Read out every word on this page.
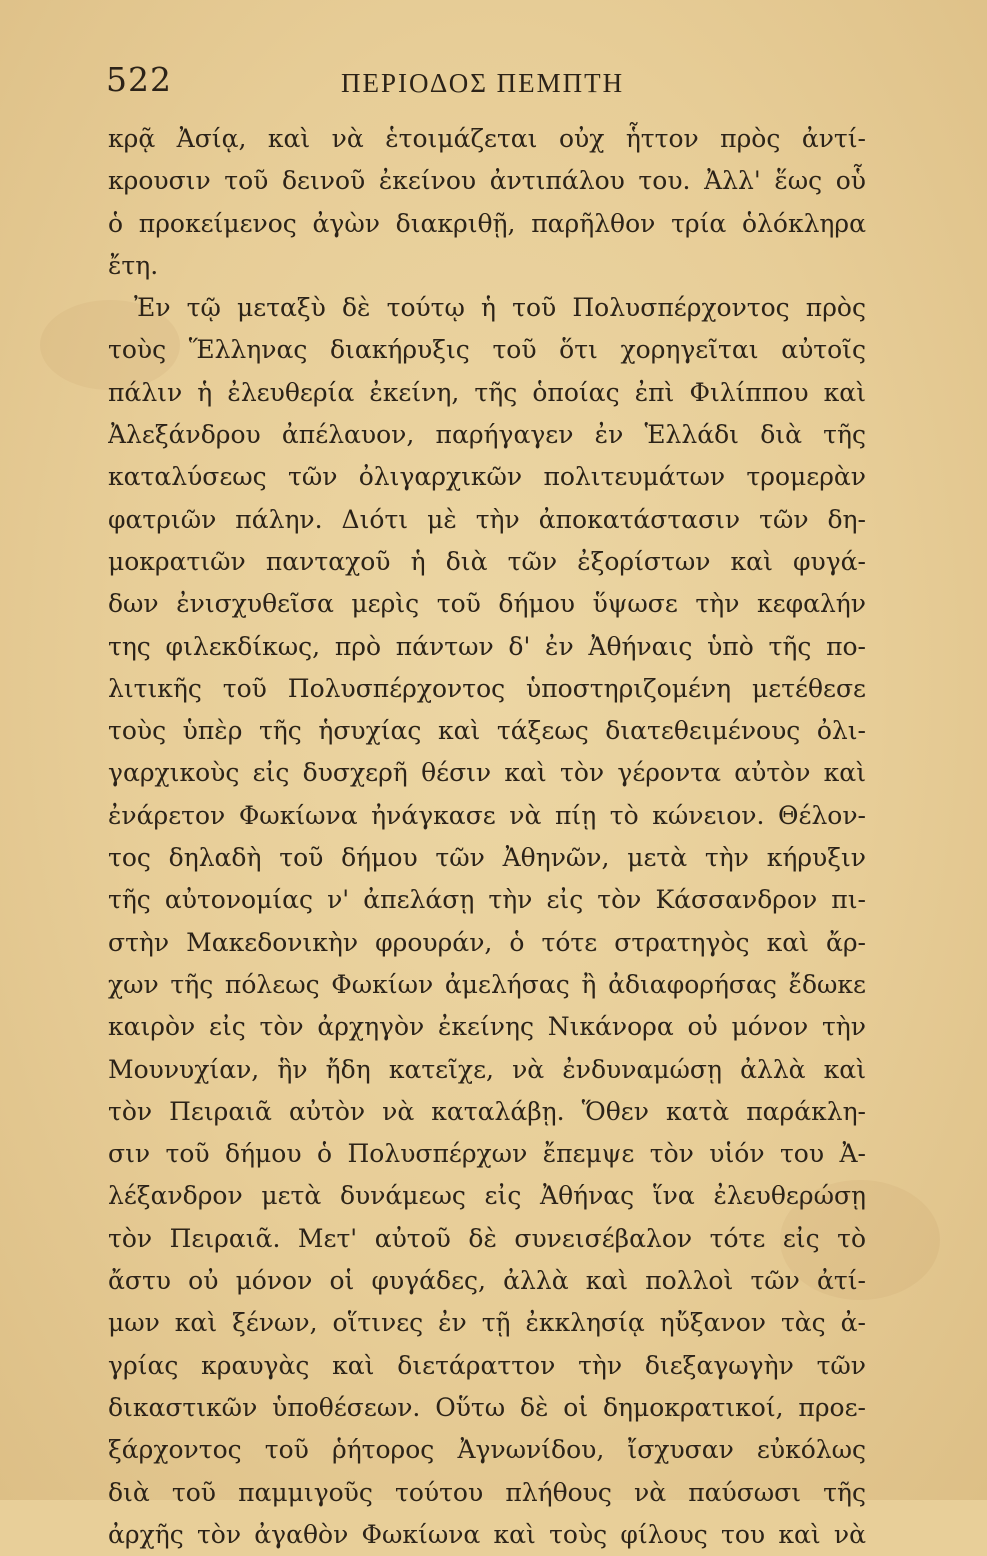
522	ΠΕΡΙΟΔΟΣ ΠΕΜΠΤΗ
κρᾷ Ἀσίᾳ, καὶ νὰ ἑτοιμάζεται οὐχ ἧττον πρὸς ἀντί-
κρουσιν τοῦ δεινοῦ ἐκείνου ἀντιπάλου του. Ἀλλ' ἕως οὗ
ὁ προκείμενος ἀγὼν διακριθῇ, παρῆλθον τρία ὁλόκληρα
ἔτη.
Ἐν τῷ μεταξὺ δὲ τούτῳ ἡ τοῦ Πολυσπέρχοντος πρὸς
τοὺς Ἕλληνας διακήρυξις τοῦ ὅτι χορηγεῖται αὐτοῖς
πάλιν ἡ ἐλευθερία ἐκείνη, τῆς ὁποίας ἐπὶ Φιλίππου καὶ
Ἀλεξάνδρου ἀπέλαυον, παρήγαγεν ἐν Ἑλλάδι διὰ τῆς
καταλύσεως τῶν ὀλιγαρχικῶν πολιτευμάτων τρομερὰν
φατριῶν πάλην. Διότι μὲ τὴν ἀποκατάστασιν τῶν δη-
μοκρατιῶν πανταχοῦ ἡ διὰ τῶν ἐξορίστων καὶ φυγά-
δων ἐνισχυθεῖσα μερὶς τοῦ δήμου ὕψωσε τὴν κεφαλήν
της φιλεκδίκως, πρὸ πάντων δ' ἐν Ἀθήναις ὑπὸ τῆς πο-
λιτικῆς τοῦ Πολυσπέρχοντος ὑποστηριζομένη μετέθεσε
τοὺς ὑπὲρ τῆς ἡσυχίας καὶ τάξεως διατεθειμένους ὀλι-
γαρχικοὺς εἰς δυσχερῆ θέσιν καὶ τὸν γέροντα αὐτὸν καὶ
ἐνάρετον Φωκίωνα ἠνάγκασε νὰ πίῃ τὸ κώνειον. Θέλον-
τος δηλαδὴ τοῦ δήμου τῶν Ἀθηνῶν, μετὰ τὴν κήρυξιν
τῆς αὐτονομίας ν' ἀπελάσῃ τὴν εἰς τὸν Κάσσανδρον πι-
στὴν Μακεδονικὴν φρουράν, ὁ τότε στρατηγὸς καὶ ἄρ-
χων τῆς πόλεως Φωκίων ἀμελήσας ἢ ἀδιαφορήσας ἔδωκε
καιρὸν εἰς τὸν ἀρχηγὸν ἐκείνης Νικάνορα οὐ μόνον τὴν
Μουνυχίαν, ἣν ἤδη κατεῖχε, νὰ ἐνδυναμώσῃ ἀλλὰ καὶ
τὸν Πειραιᾶ αὐτὸν νὰ καταλάβῃ. Ὅθεν κατὰ παράκλη-
σιν τοῦ δήμου ὁ Πολυσπέρχων ἔπεμψε τὸν υἱόν του Ἀ-
λέξανδρον μετὰ δυνάμεως εἰς Ἀθήνας ἵνα ἐλευθερώσῃ
τὸν Πειραιᾶ. Μετ' αὐτοῦ δὲ συνεισέβαλον τότε εἰς τὸ
ἄστυ οὐ μόνον οἱ φυγάδες, ἀλλὰ καὶ πολλοὶ τῶν ἀτί-
μων καὶ ξένων, οἵτινες ἐν τῇ ἐκκλησίᾳ ηὔξανον τὰς ἀ-
γρίας κραυγὰς καὶ διετάραττον τὴν διεξαγωγὴν τῶν
δικαστικῶν ὑποθέσεων. Οὕτω δὲ οἱ δημοκρατικοί, προε-
ξάρχοντος τοῦ ῥήτορος Ἀγνωνίδου, ἴσχυσαν εὐκόλως
διὰ τοῦ παμμιγοῦς τούτου πλήθους νὰ παύσωσι τῆς
ἀρχῆς τὸν ἀγαθὸν Φωκίωνα καὶ τοὺς φίλους του καὶ νὰ
